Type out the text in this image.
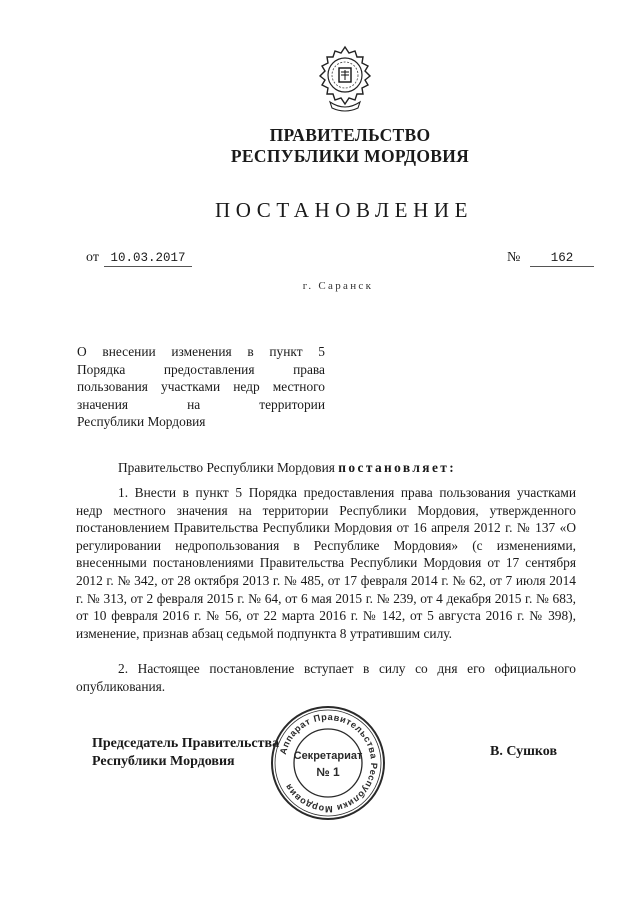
ПРАВИТЕЛЬСТВО
РЕСПУБЛИКИ МОРДОВИЯ
ПОСТАНОВЛЕНИЕ
от 10.03.2017	№	162
г. Саранск
О внесении изменения в пункт 5
Порядка предоставления права
пользования участками недр местного
значения на территории
Республики Мордовия
Правительство Республики Мордовия постановляет:
1. Внести в пункт 5 Порядка предоставления права пользования участками недр местного значения на территории Республики Мордовия, утвержденного постановлением Правительства Республики Мордовия от 16 апреля 2012 г. № 137 «О регулировании недропользования в Республике Мордовия» (с изменениями, внесенными постановлениями Правительства Республики Мордовия от 17 сентября 2012 г. № 342, от 28 октября 2013 г. № 485, от 17 февраля 2014 г. № 62, от 7 июля 2014 г. № 313, от 2 февраля 2015 г. № 64, от 6 мая 2015 г. № 239, от 4 декабря 2015 г. № 683, от 10 февраля 2016 г. № 56, от 22 марта 2016 г. № 142, от 5 августа 2016 г. № 398), изменение, признав абзац седьмой подпункта 8 утратившим силу.
2. Настоящее постановление вступает в силу со дня его официального опубликования.
Председатель Правительства
Республики Мордовия
В. Сушков
Аппарат Правительства Республики Мордовия
Секретариат
№ 1
